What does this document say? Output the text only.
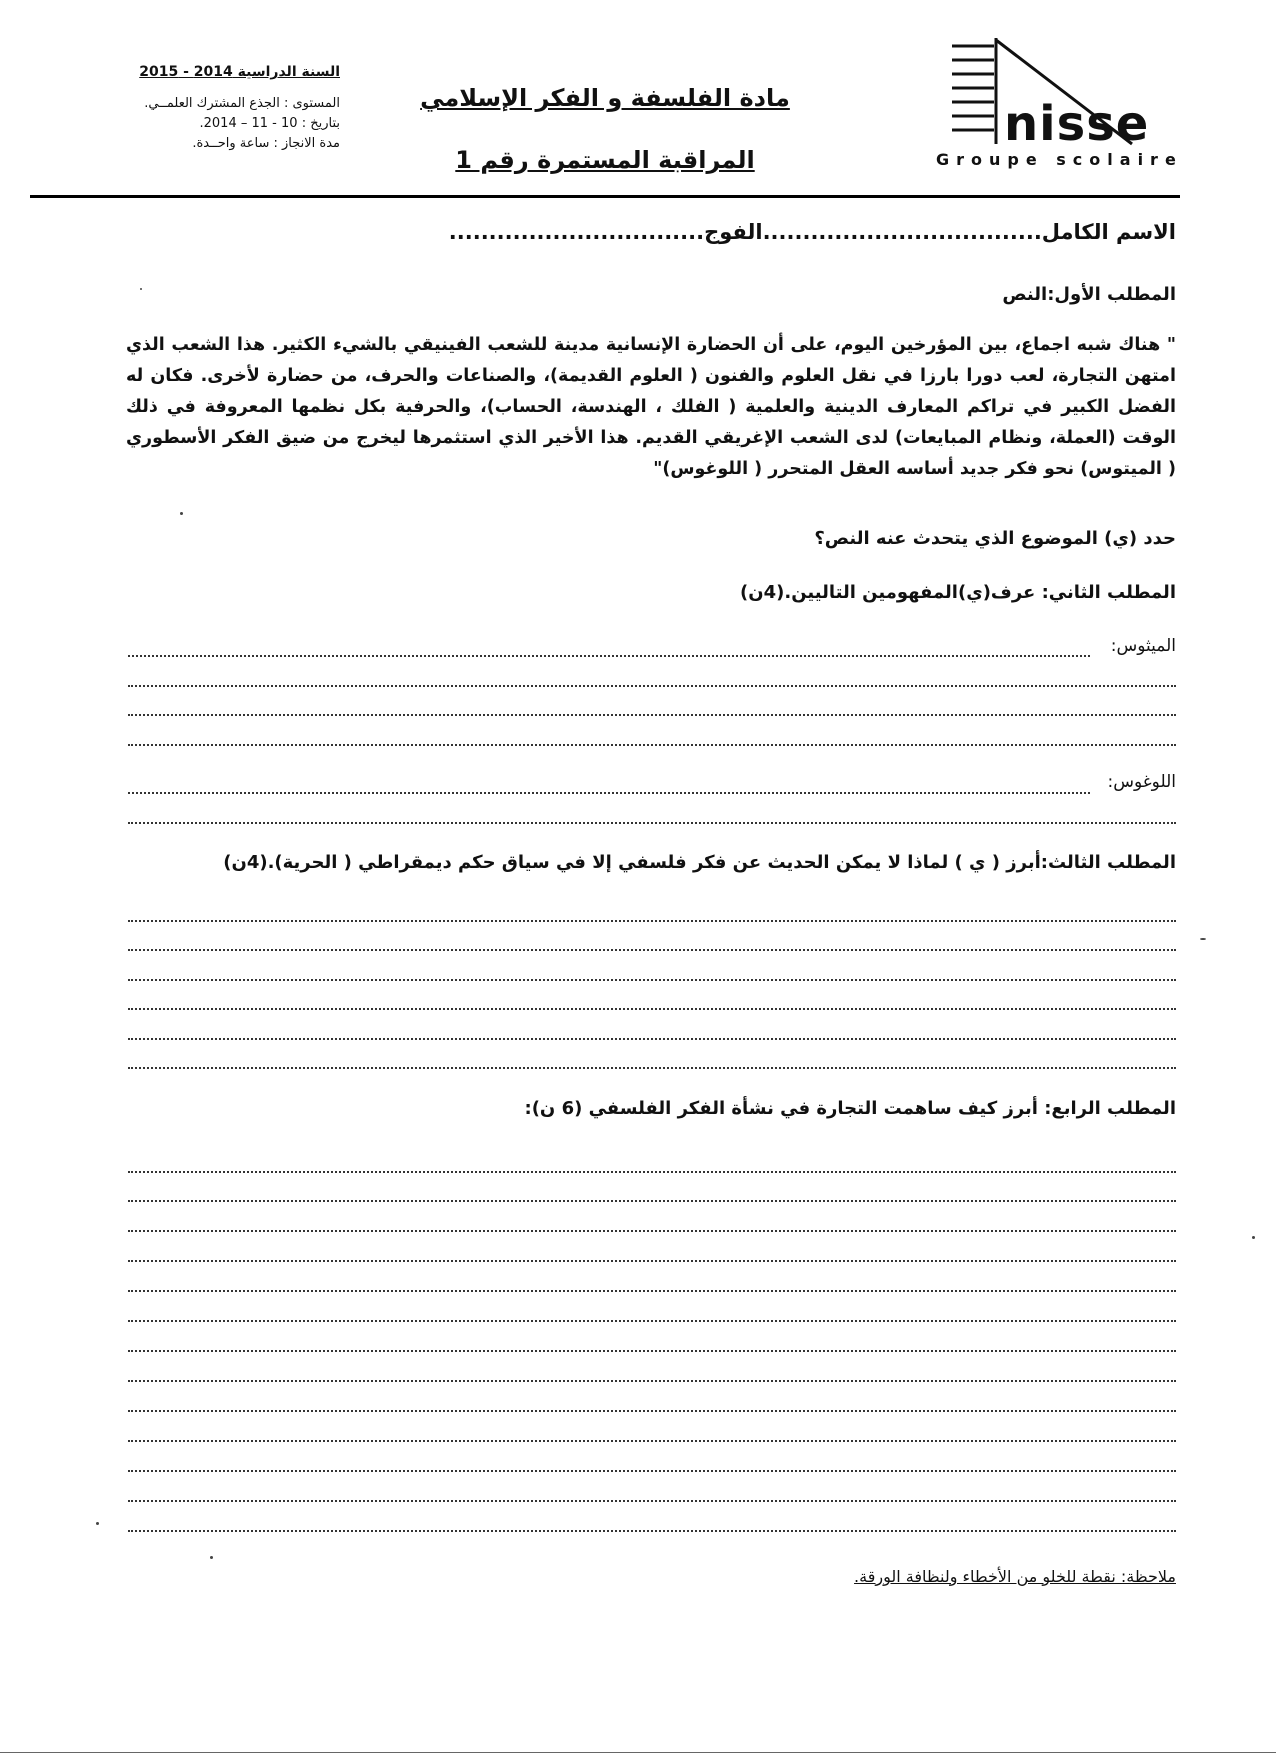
السنة الدراسية 2014 - 2015
المستوى : الجذع المشترك العلمــي.
بتاريخ : 10 - 11 – 2014.
مدة الانجاز : ساعة واحــدة.
مادة الفلسفة و الفكر الإسلامي
المراقبة المستمرة رقم 1
nisse
Groupe scolaire
الاسم الكامل...................................الفوج................................
المطلب الأول:النص
" هناك شبه اجماع، بين المؤرخين اليوم، على أن الحضارة الإنسانية مدينة للشعب الفينيقي بالشيء الكثير. هذا الشعب الذي امتهن التجارة، لعب دورا بارزا في نقل العلوم والفنون ( العلوم القديمة)، والصناعات والحرف، من حضارة لأخرى. فكان له الفضل الكبير في تراكم المعارف الدينية والعلمية ( الفلك ، الهندسة، الحساب)، والحرفية بكل نظمها المعروفة في ذلك الوقت (العملة، ونظام المبايعات) لدى الشعب الإغريقي القديم. هذا الأخير الذي استثمرها ليخرج من ضيق الفكر الأسطوري ( الميتوس) نحو فكر جديد أساسه العقل المتحرر ( اللوغوس)"
حدد (ي) الموضوع الذي يتحدث عنه النص؟
المطلب الثاني: عرف(ي)المفهومين التاليين.(4ن)
الميثوس:
اللوغوس:
المطلب الثالث:أبرز ( ي ) لماذا لا يمكن الحديث عن فكر فلسفي إلا في سياق حكم ديمقراطي ( الحرية).(4ن)
المطلب الرابع: أبرز كيف ساهمت التجارة في نشأة الفكر الفلسفي (6 ن):
ملاحظة: نقطة للخلو من الأخطاء ولنظافة الورقة.
